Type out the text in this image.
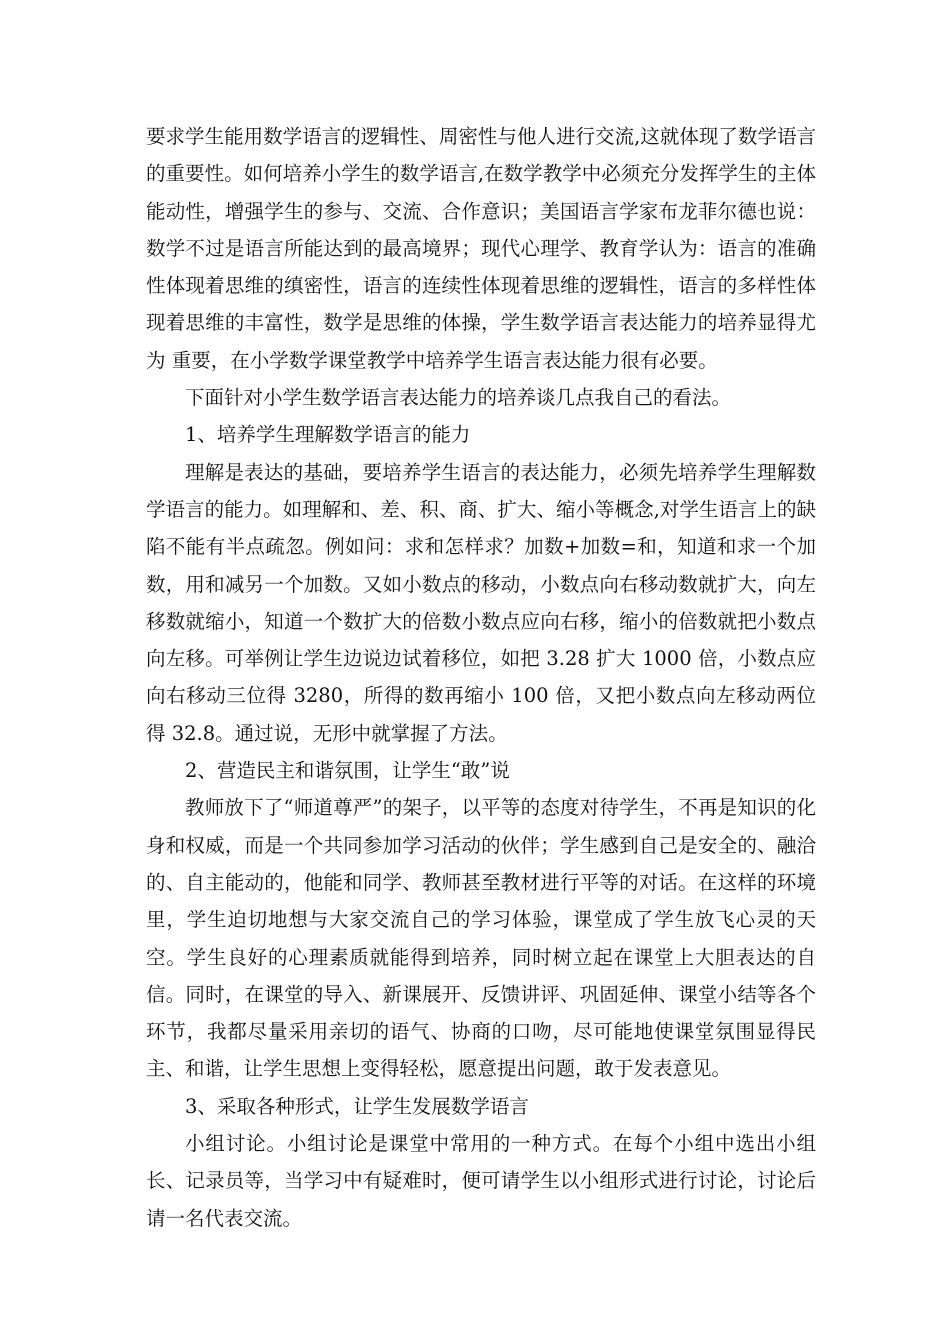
要求学生能用数学语言的逻辑性、周密性与他人进行交流,这就体现了数学语言的重要性。如何培养小学生的数学语言,在数学教学中必须充分发挥学生的主体能动性，增强学生的参与、交流、合作意识；美国语言学家布龙菲尔德也说：数学不过是语言所能达到的最高境界；现代心理学、教育学认为：语言的准确性体现着思维的缜密性，语言的连续性体现着思维的逻辑性，语言的多样性体现着思维的丰富性，数学是思维的体操，学生数学语言表达能力的培养显得尤为 重要，在小学数学课堂教学中培养学生语言表达能力很有必要。

下面针对小学生数学语言表达能力的培养谈几点我自己的看法。

1、培养学生理解数学语言的能力

理解是表达的基础，要培养学生语言的表达能力，必须先培养学生理解数学语言的能力。如理解和、差、积、商、扩大、缩小等概念,对学生语言上的缺陷不能有半点疏忽。例如问：求和怎样求？加数+加数=和，知道和求一个加数，用和减另一个加数。又如小数点的移动，小数点向右移动数就扩大，向左移数就缩小，知道一个数扩大的倍数小数点应向右移，缩小的倍数就把小数点向左移。可举例让学生边说边试着移位，如把 3.28 扩大 1000 倍，小数点应向右移动三位得 3280，所得的数再缩小 100 倍，又把小数点向左移动两位得 32.8。通过说，无形中就掌握了方法。

2、营造民主和谐氛围，让学生“敢”说

教师放下了“师道尊严”的架子，以平等的态度对待学生，不再是知识的化身和权威，而是一个共同参加学习活动的伙伴；学生感到自己是安全的、融洽的、自主能动的，他能和同学、教师甚至教材进行平等的对话。在这样的环境里，学生迫切地想与大家交流自己的学习体验，课堂成了学生放飞心灵的天空。学生良好的心理素质就能得到培养，同时树立起在课堂上大胆表达的自信。同时，在课堂的导入、新课展开、反馈讲评、巩固延伸、课堂小结等各个环节，我都尽量采用亲切的语气、协商的口吻，尽可能地使课堂氛围显得民主、和谐，让学生思想上变得轻松，愿意提出问题，敢于发表意见。

3、采取各种形式，让学生发展数学语言

小组讨论。小组讨论是课堂中常用的一种方式。在每个小组中选出小组长、记录员等，当学习中有疑难时，便可请学生以小组形式进行讨论，讨论后请一名代表交流。
